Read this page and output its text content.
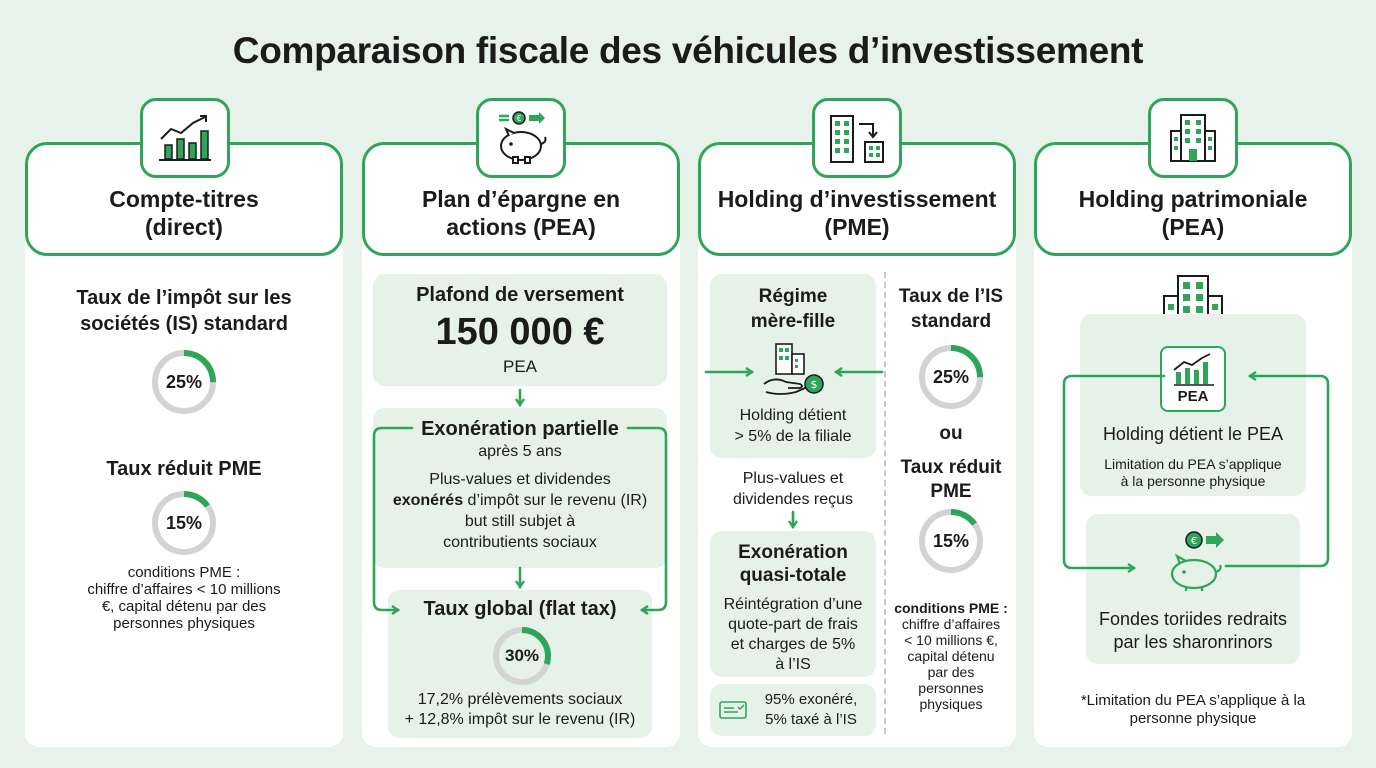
Comparaison fiscale des véhicules d’investissement
Compte-titres
(direct)
Plan d’épargne en
actions (PEA)
Holding d’investissement
(PME)
Holding patrimoniale
(PEA)
€
Taux de l’impôt sur les
sociétés (IS) standard
25%
Taux réduit PME
15%
conditions PME :
chiffre d’affaires < 10 millions
€, capital détenu par des
personnes physiques
Plafond de versement
150 000 €
PEA
Exonération partielle
après 5 ans
Plus-values et dividendes
exonérés d’impôt sur le revenu (IR)
but still subjet à
contributients sociaux
Taux global (flat tax)
30%
17,2% prélèvements sociaux
+ 12,8% impôt sur le revenu (IR)
Régime
mère-fille
$
Holding détient
> 5% de la filiale
Plus-values et
dividendes reçus
Exonération
quasi-totale
Réintégration d’une
quote-part de frais
et charges de 5%
à l’IS
95% exonéré,
5% taxé à l’IS
Taux de l’IS
standard
25%
ou
Taux réduit
PME
15%
conditions PME :
chiffre d’affaires
< 10 millions €,
capital détenu
par des
personnes
physiques
PEA
Holding détient le PEA
Limitation du PEA s’applique
à la personne physique
€
Fondes toriides redraits
par les sharonrinors
*Limitation du PEA s’applique à la
personne physique
